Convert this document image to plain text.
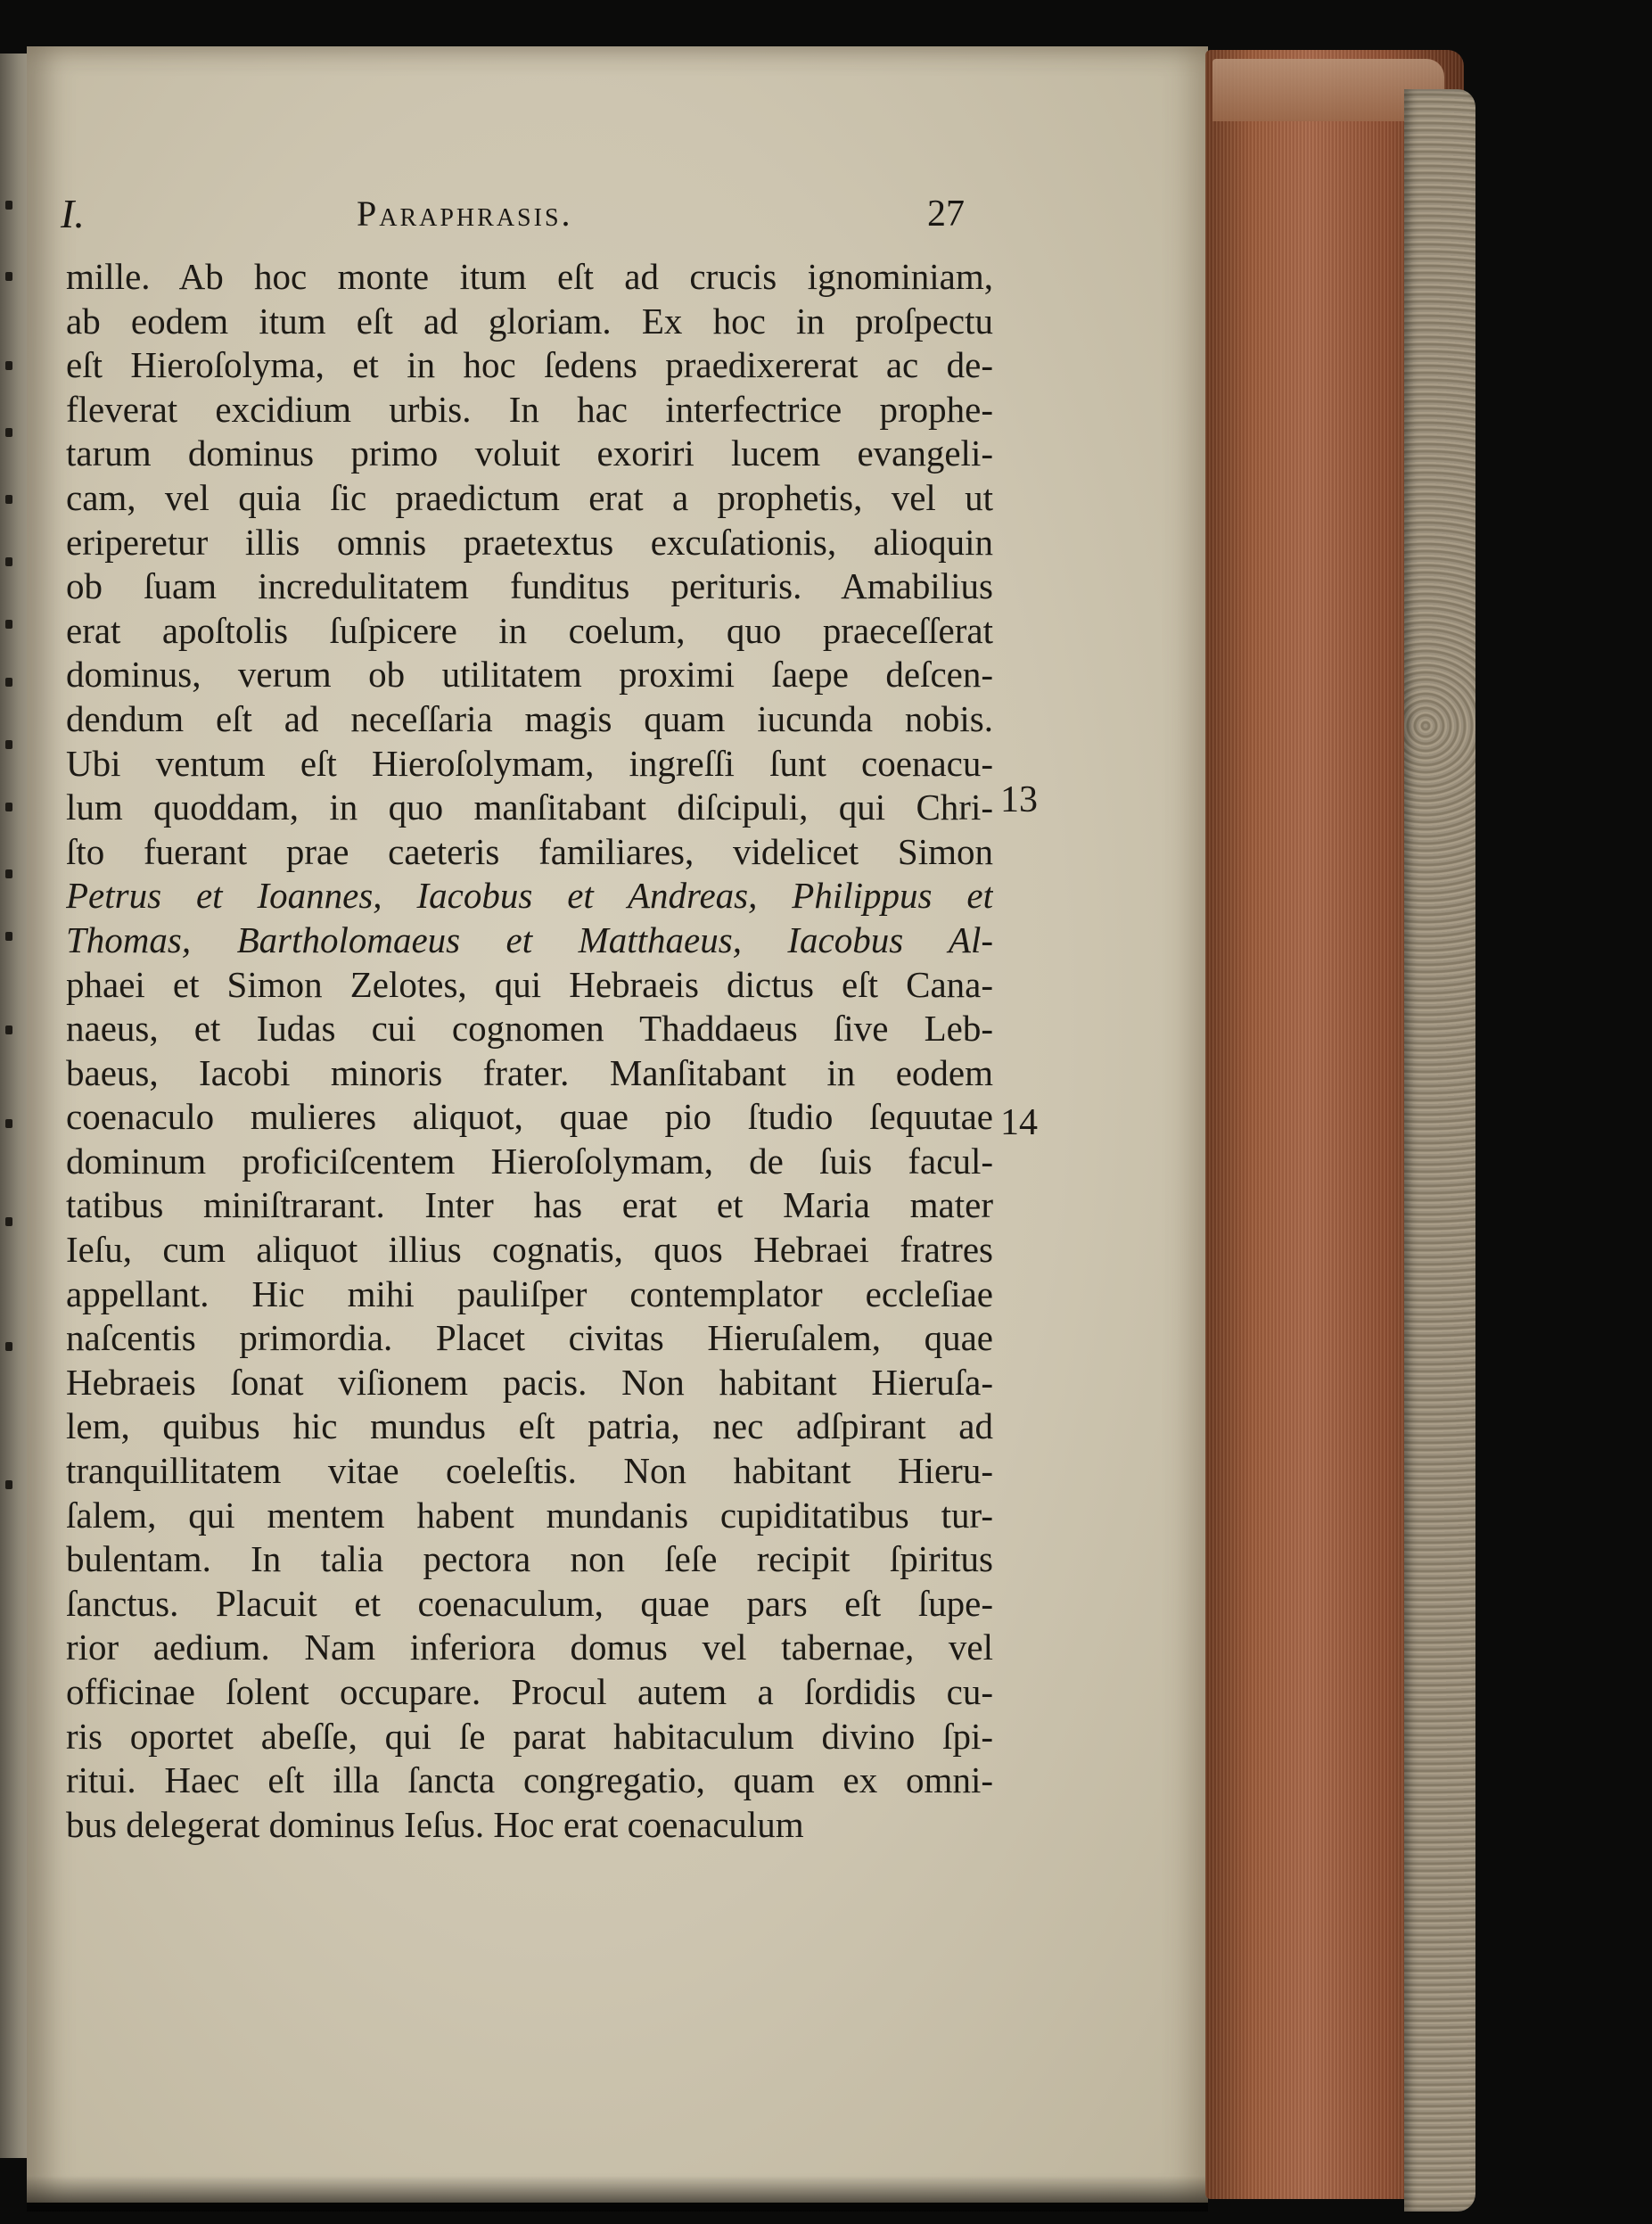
I.	Paraphrasis.	27
mille. Ab hoc monte itum eſt ad crucis ignominiam,
ab eodem itum eſt ad gloriam. Ex hoc in proſpectu
eſt Hieroſolyma, et in hoc ſedens praedixererat ac de-
fleverat excidium urbis. In hac interfectrice prophe-
tarum dominus primo voluit exoriri lucem evangeli-
cam, vel quia ſic praedictum erat a prophetis, vel ut
eriperetur illis omnis praetextus excuſationis, alioquin
ob ſuam incredulitatem funditus perituris. Amabilius
erat apoſtolis ſuſpicere in coelum, quo praeceſſerat
dominus, verum ob utilitatem proximi ſaepe deſcen-
dendum eſt ad neceſſaria magis quam iucunda nobis.
Ubi ventum eſt Hieroſolymam, ingreſſi ſunt coenacu-
lum quoddam, in quo manſitabant diſcipuli, qui Chri-
ſto fuerant prae caeteris familiares, videlicet Simon
Petrus et Ioannes, Iacobus et Andreas, Philippus et
Thomas, Bartholomaeus et Matthaeus, Iacobus Al-
phaei et Simon Zelotes, qui Hebraeis dictus eſt Cana-
naeus, et Iudas cui cognomen Thaddaeus ſive Leb-
baeus, Iacobi minoris frater. Manſitabant in eodem
coenaculo mulieres aliquot, quae pio ſtudio ſequutae
dominum proficiſcentem Hieroſolymam, de ſuis facul-
tatibus miniſtrarant. Inter has erat et Maria mater
Ieſu, cum aliquot illius cognatis, quos Hebraei fratres
appellant. Hic mihi pauliſper contemplator eccleſiae
naſcentis primordia. Placet civitas Hieruſalem, quae
Hebraeis ſonat viſionem pacis. Non habitant Hieruſa-
lem, quibus hic mundus eſt patria, nec adſpirant ad
tranquillitatem vitae coeleſtis. Non habitant Hieru-
ſalem, qui mentem habent mundanis cupiditatibus tur-
bulentam. In talia pectora non ſeſe recipit ſpiritus
ſanctus. Placuit et coenaculum, quae pars eſt ſupe-
rior aedium. Nam inferiora domus vel tabernae, vel
officinae ſolent occupare. Procul autem a ſordidis cu-
ris oportet abeſſe, qui ſe parat habitaculum divino ſpi-
ritui. Haec eſt illa ſancta congregatio, quam ex omni-
bus delegerat dominus Ieſus. Hoc erat coenaculum
13
14
